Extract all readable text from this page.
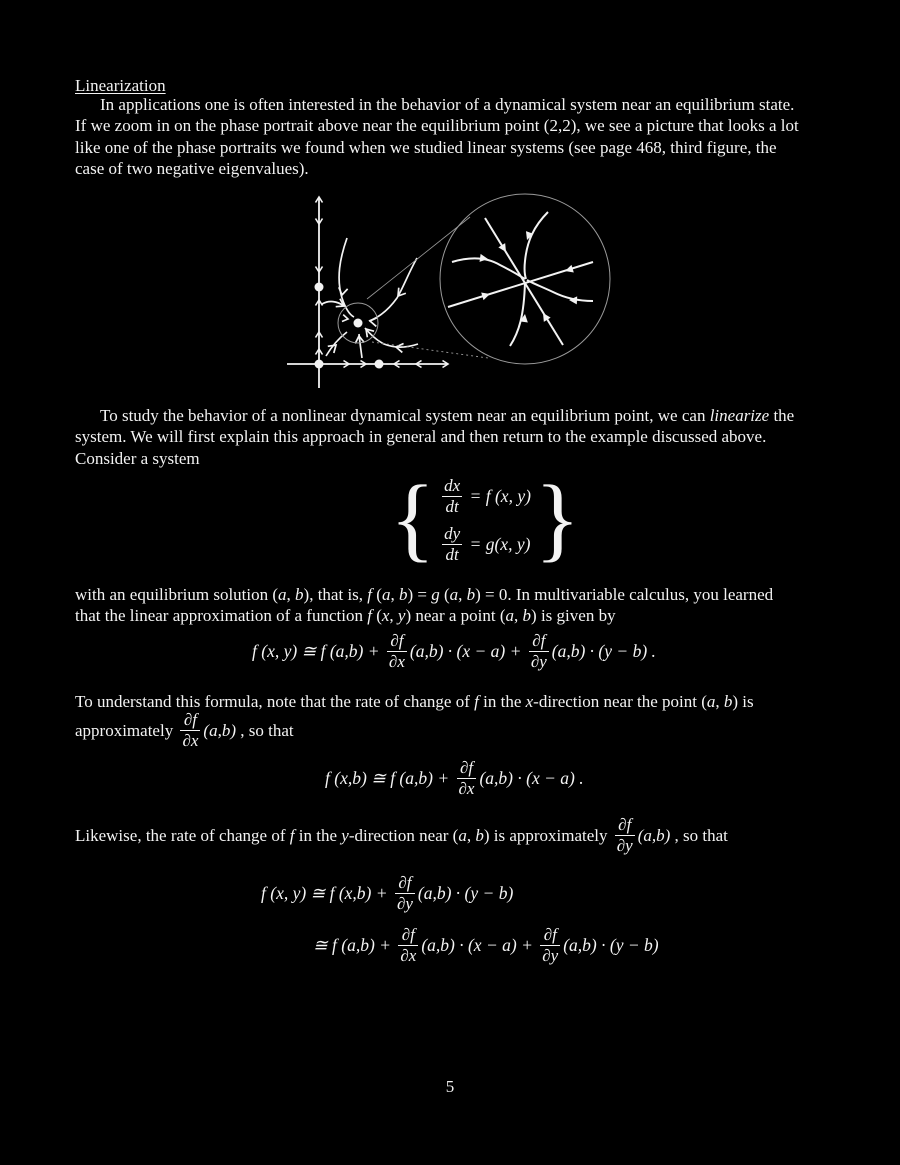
Linearization
In applications one is often interested in the behavior of a dynamical system near an equilibrium state.
If we zoom in on the phase portrait above near the equilibrium point (2,2), we see a picture that looks a lot
like one of the phase portraits we found when we studied linear systems (see page 468, third figure, the
case of two negative eigenvalues).
To study the behavior of a nonlinear dynamical system near an equilibrium point, we can linearize the
system. We will first explain this approach in general and then return to the example discussed above.
Consider a system
{ $\frac{dx}{dt} = f$ (x, y)
$\frac{dy}{dt} = g(x$, y) }
with an equilibrium solution (a, b), that is, f (a, b) = g (a, b) = 0. In multivariable calculus, you learned
that the linear approximation of a function f (x, y) near a point (a, b) is given by
f (x, y) ≅ f $(a,b) + \frac{\partial f}{\partial x} (a,b) \cdot (x - a) + \frac{\partial f}{\partial y} (a,b) \cdot (y - b)$ .
To understand this formula, note that the rate of change of f in the x-direction near the point (a, b) is
approximately $\frac{\partial f}{\partial x} (a,b)$ , so that
f (x,b) ≅ f $(a,b) + \frac{\partial f}{\partial x} (a,b) \cdot (x - a)$ .
Likewise, the rate of change of f in the y-direction near (a, b) is approximately $\frac{\partial f}{\partial y} (a,b)$ , so that
f (x, y) ≅ f $(x,b) + \frac{\partial f}{\partial y} (a,b) \cdot (y - b)$
≅ f $(a,b) + \frac{\partial f}{\partial x} (a,b) \cdot (x - a) + \frac{\partial f}{\partial y} (a,b) \cdot (y - b)$
5
